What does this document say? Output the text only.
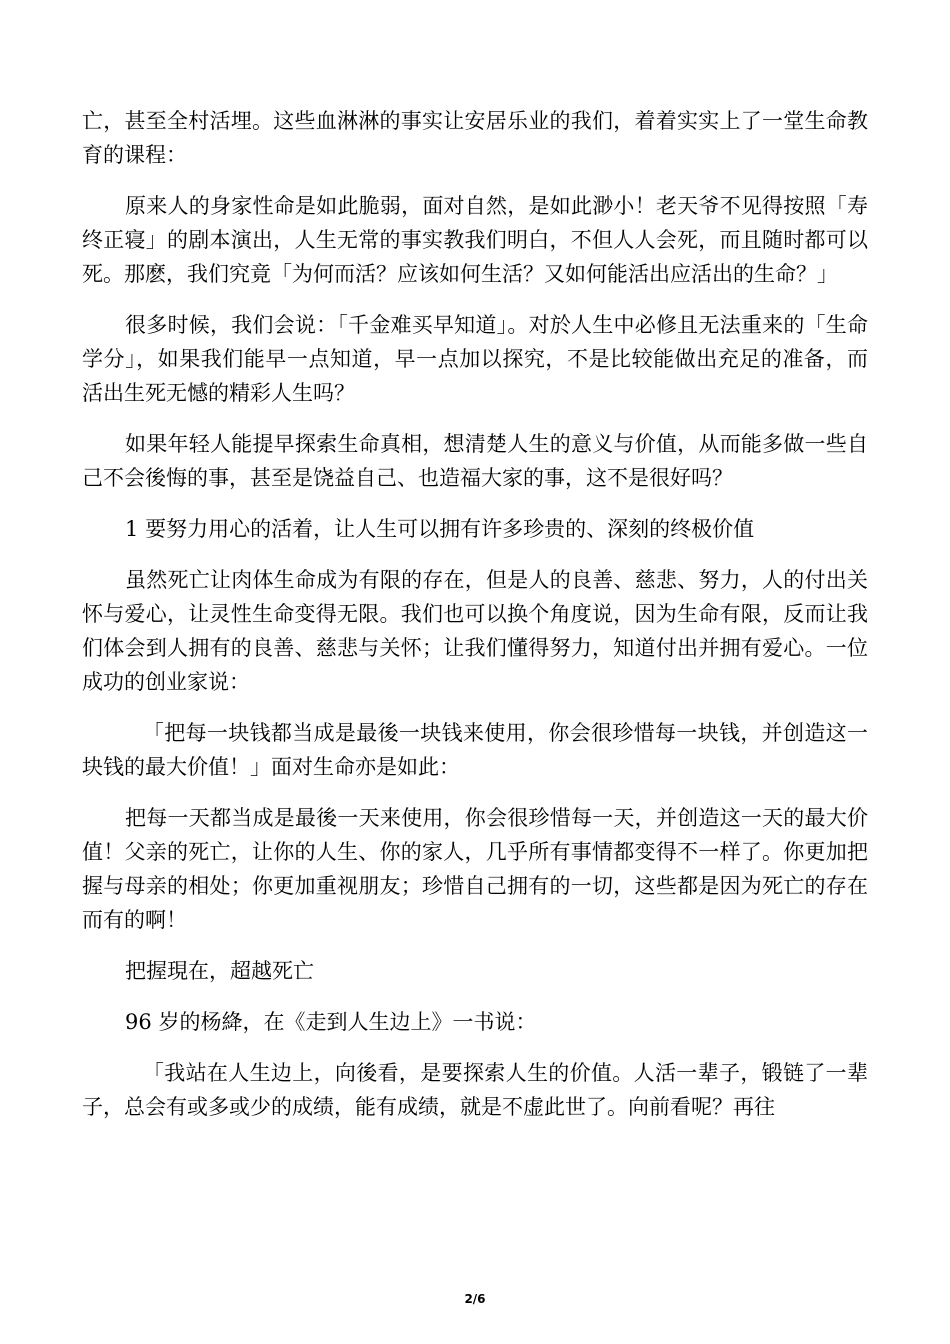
亡，甚至全村活埋。这些血淋淋的事实让安居乐业的我们，着着实实上了一堂生命教育的课程：

原来人的身家性命是如此脆弱，面对自然，是如此渺小！老天爷不见得按照「寿终正寝」的剧本演出，人生无常的事实教我们明白，不但人人会死，而且随时都可以死。那麽，我们究竟「为何而活？应该如何生活？又如何能活出应活出的生命？」

很多时候，我们会说：「千金难买早知道」。对於人生中必修且无法重来的「生命学分」，如果我们能早一点知道，早一点加以探究，不是比较能做出充足的准备，而活出生死无憾的精彩人生吗？

如果年轻人能提早探索生命真相，想清楚人生的意义与价值，从而能多做一些自己不会後悔的事，甚至是饶益自己、也造福大家的事，这不是很好吗？

1 要努力用心的活着，让人生可以拥有许多珍贵的、深刻的终极价值

虽然死亡让肉体生命成为有限的存在，但是人的良善、慈悲、努力，人的付出关怀与爱心，让灵性生命变得无限。我们也可以换个角度说，因为生命有限，反而让我们体会到人拥有的良善、慈悲与关怀；让我们懂得努力，知道付出并拥有爱心。一位成功的创业家说：

「把每一块钱都当成是最後一块钱来使用，你会很珍惜每一块钱，并创造这一块钱的最大价值！」面对生命亦是如此：

把每一天都当成是最後一天来使用，你会很珍惜每一天，并创造这一天的最大价值！父亲的死亡，让你的人生、你的家人，几乎所有事情都变得不一样了。你更加把握与母亲的相处；你更加重视朋友；珍惜自己拥有的一切，这些都是因为死亡的存在而有的啊！

把握現在，超越死亡

96 岁的杨絳，在《走到人生边上》一书说：

「我站在人生边上，向後看，是要探索人生的价值。人活一辈子，锻链了一辈子，总会有或多或少的成绩，能有成绩，就是不虚此世了。向前看呢？再往

2/6
